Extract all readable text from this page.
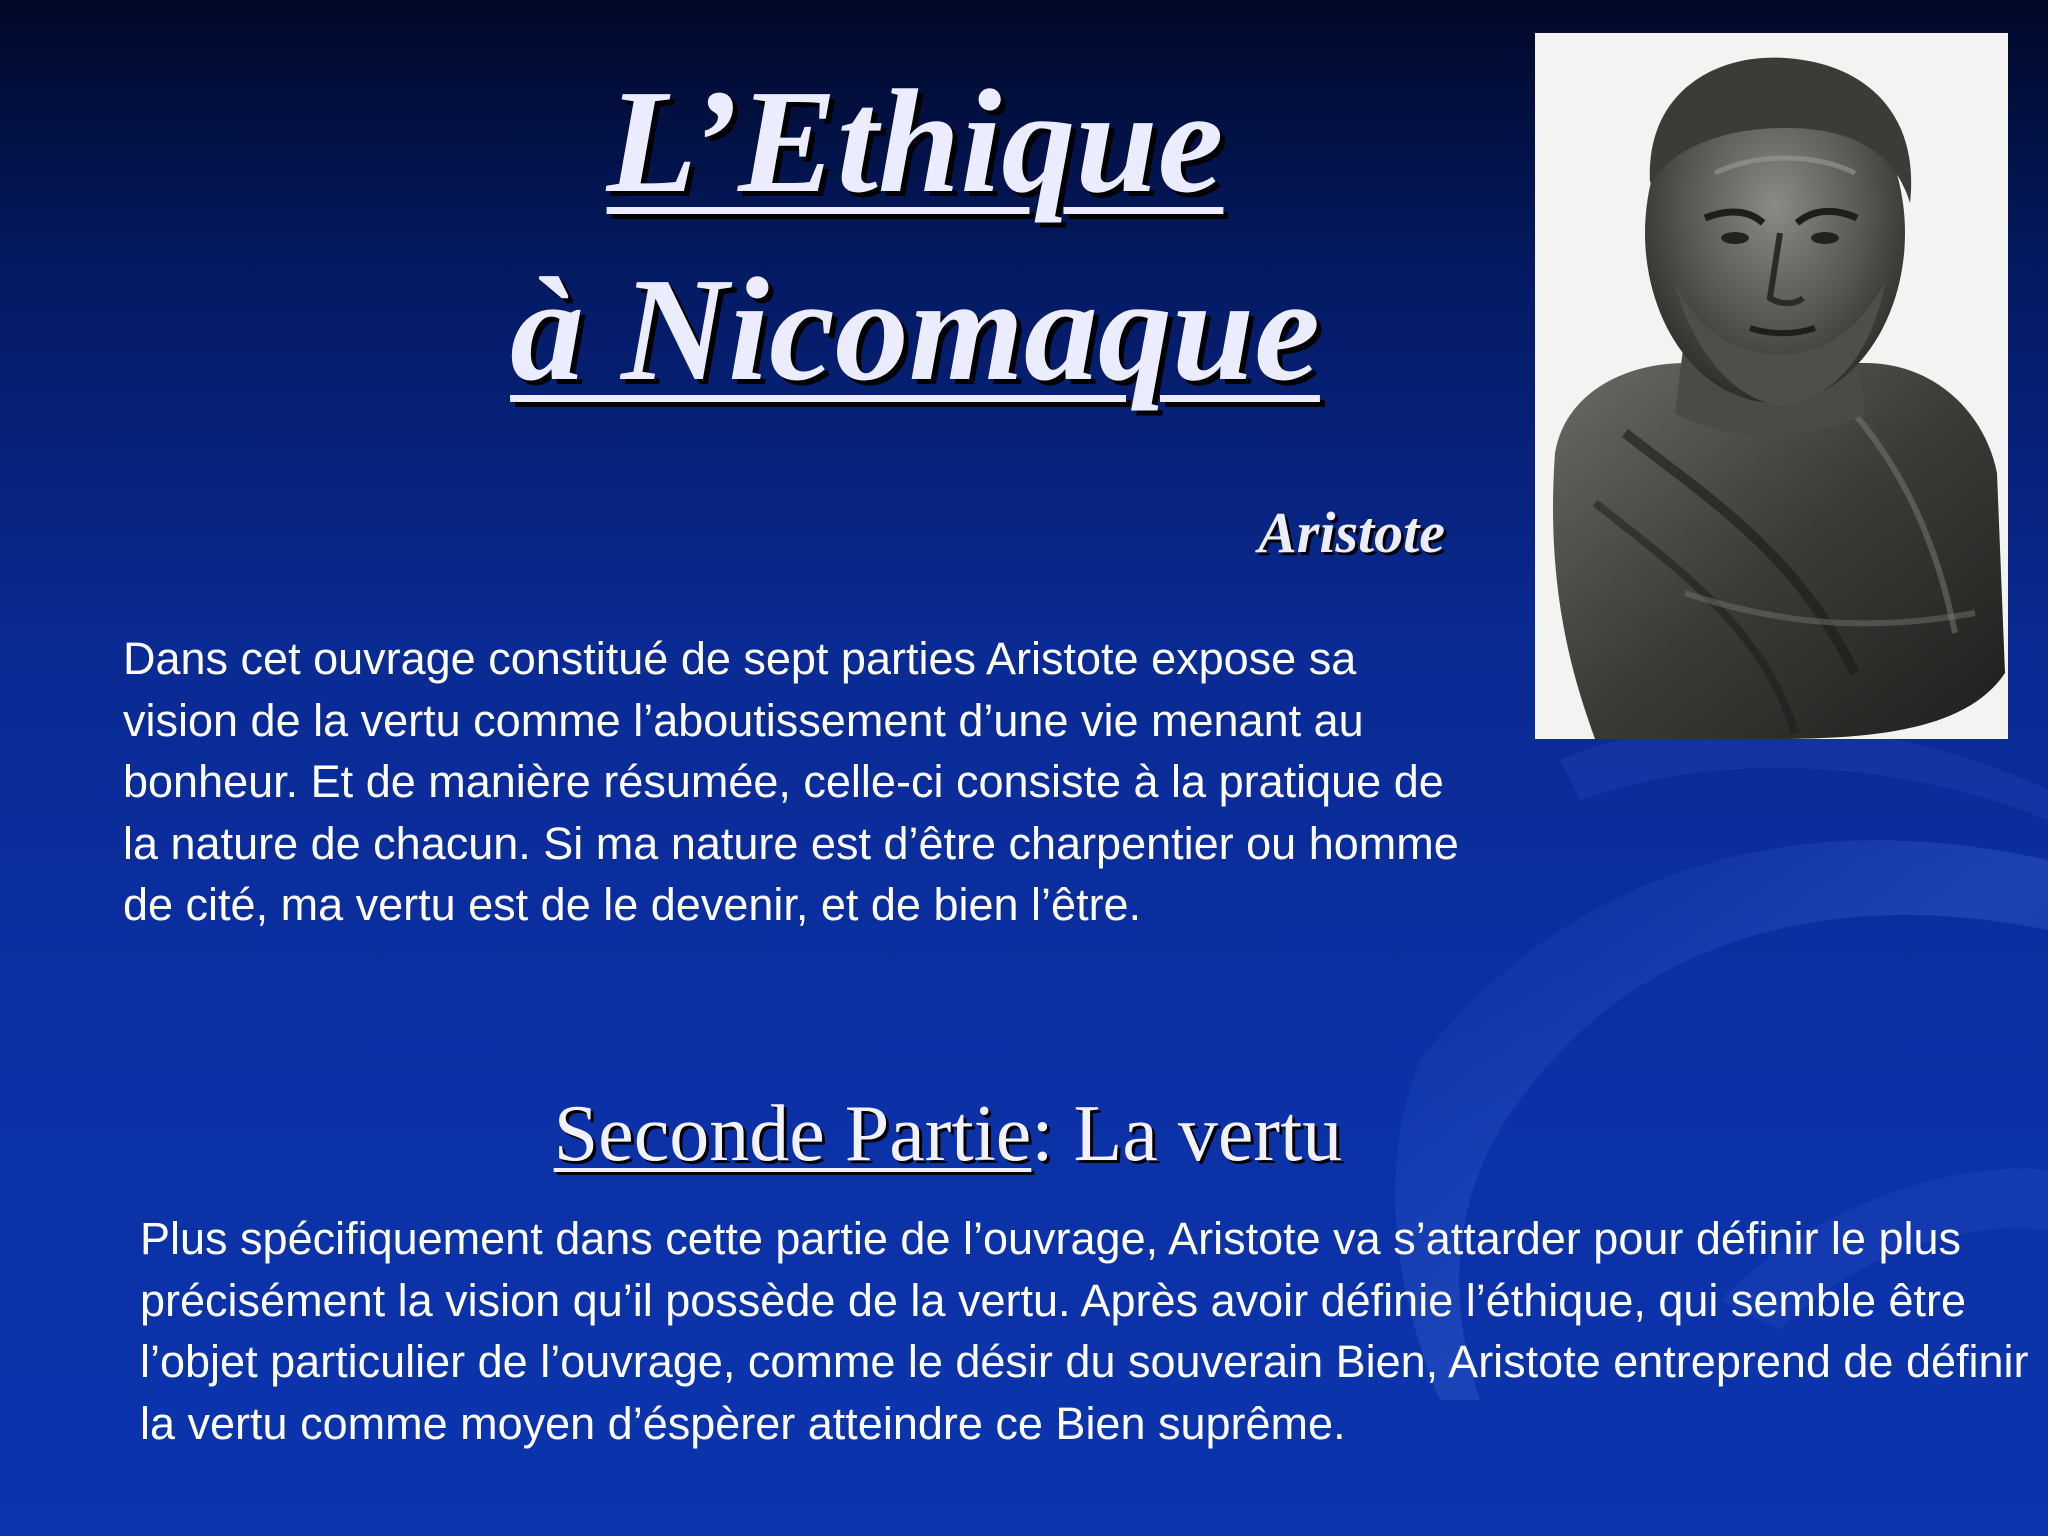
L’Ethique
à Nicomaque
Aristote
Dans cet ouvrage constitué de sept parties Aristote expose sa vision de la vertu comme l’aboutissement d’une vie menant au bonheur. Et de manière résumée, celle-ci consiste à la pratique de la nature de chacun. Si ma nature est d’être charpentier ou homme de cité, ma vertu est de le devenir, et de bien l’être.
Seconde Partie: La vertu
Plus spécifiquement dans cette partie de l’ouvrage, Aristote va s’attarder pour définir le plus précisément la vision qu’il possède de la vertu. Après avoir définie l’éthique, qui semble être l’objet particulier de l’ouvrage, comme le désir du souverain Bien, Aristote entreprend de définir la vertu comme moyen d’éspèrer atteindre ce Bien suprême.
